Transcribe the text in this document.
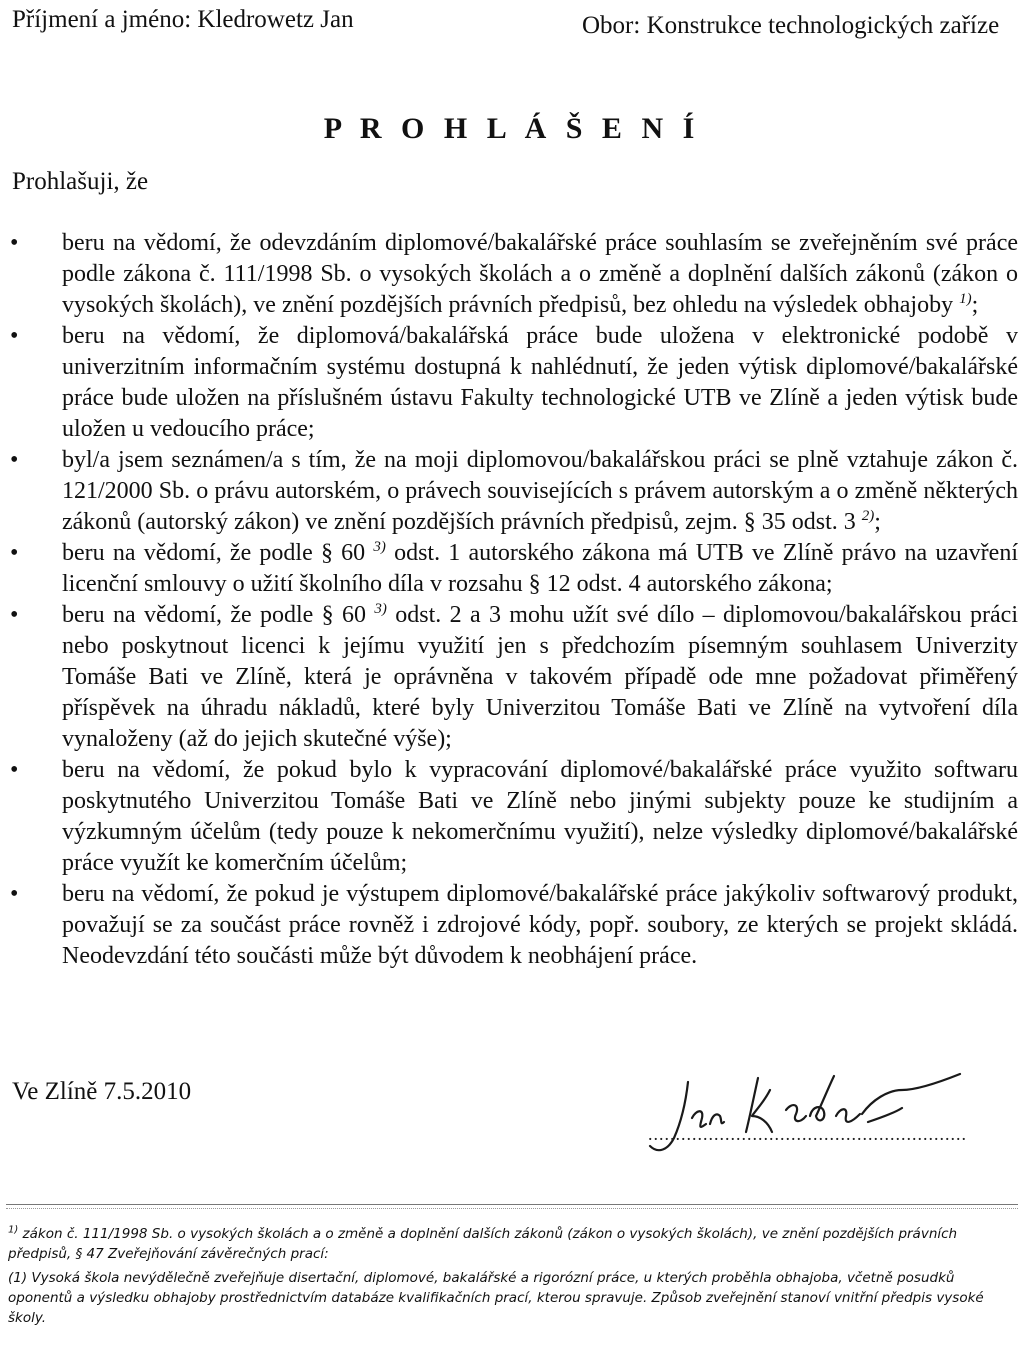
Příjmení a jméno: Kledrowetz Jan	Obor: Konstrukce technologických zaříze
P R O H L Á Š E N Í
Prohlašuji, že
• beru na vědomí, že odevzdáním diplomové/bakalářské práce souhlasím se zveřejněním své práce podle zákona č. 111/1998 Sb. o vysokých školách a o změně a doplnění dalších zákonů (zákon o vysokých školách), ve znění pozdějších právních předpisů, bez ohledu na výsledek obhajoby $^{1)}$;
• beru na vědomí, že diplomová/bakalářská práce bude uložena v elektronické podobě v univerzitním informačním systému dostupná k nahlédnutí, že jeden výtisk diplomové/bakalářské práce bude uložen na příslušném ústavu Fakulty technologické UTB ve Zlíně a jeden výtisk bude uložen u vedoucího práce;
• byl/a jsem seznámen/a s tím, že na moji diplomovou/bakalářskou práci se plně vztahuje zákon č. 121/2000 Sb. o právu autorském, o právech souvisejících s právem autorským a o změně některých zákonů (autorský zákon) ve znění pozdějších právních předpisů, zejm. § 35 odst. 3 $^{2)}$;
• beru na vědomí, že podle § 60 $^{3)}$ odst. 1 autorského zákona má UTB ve Zlíně právo na uzavření licenční smlouvy o užití školního díla v rozsahu § 12 odst. 4 autorského zákona;
• beru na vědomí, že podle § 60 $^{3)}$ odst. 2 a 3 mohu užít své dílo – diplomovou/bakalářskou práci nebo poskytnout licenci k jejímu využití jen s předchozím písemným souhlasem Univerzity Tomáše Bati ve Zlíně, která je oprávněna v takovém případě ode mne požadovat přiměřený příspěvek na úhradu nákladů, které byly Univerzitou Tomáše Bati ve Zlíně na vytvoření díla vynaloženy (až do jejich skutečné výše);
• beru na vědomí, že pokud bylo k vypracování diplomové/bakalářské práce využito softwaru poskytnutého Univerzitou Tomáše Bati ve Zlíně nebo jinými subjekty pouze ke studijním a výzkumným účelům (tedy pouze k nekomerčnímu využití), nelze výsledky diplomové/bakalářské práce využít ke komerčním účelům;
• beru na vědomí, že pokud je výstupem diplomové/bakalářské práce jakýkoliv softwarový produkt, považují se za součást práce rovněž i zdrojové kódy, popř. soubory, ze kterých se projekt skládá. Neodevzdání této součásti může být důvodem k neobhájení práce.
Ve Zlíně 7.5.2010
..........................................................

$^{1)}$ zákon č. 111/1998 Sb. o vysokých školách a o změně a doplnění dalších zákonů (zákon o vysokých školách), ve znění pozdějších právních předpisů, § 47 Zveřejňování závěrečných prací:

(1) Vysoká škola nevýdělečně zveřejňuje disertační, diplomové, bakalářské a rigorózní práce, u kterých proběhla obhajoba, včetně posudků oponentů a výsledku obhajoby prostřednictvím databáze kvalifikačních prací, kterou spravuje. Způsob zveřejnění stanoví vnitřní předpis vysoké školy.
